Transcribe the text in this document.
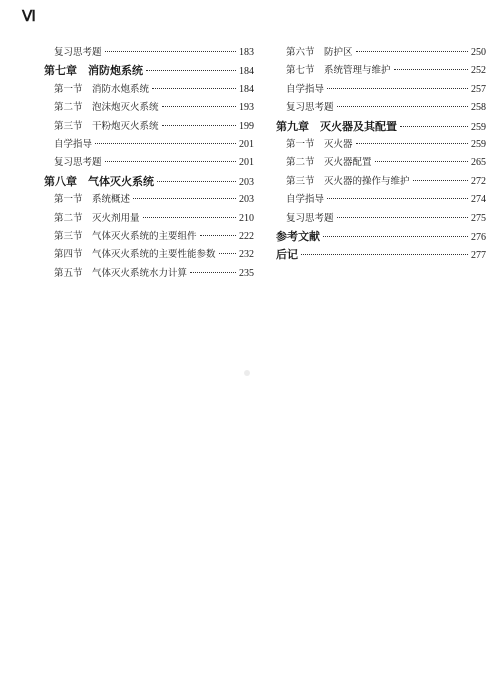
Ⅵ
复习思考题	183
第七章　消防炮系统	184
第一节　消防水炮系统	184
第二节　泡沫炮灭火系统	193
第三节　干粉炮灭火系统	199
自学指导	201
复习思考题	201
第八章　气体灭火系统	203
第一节　系统概述	203
第二节　灭火剂用量	210
第三节　气体灭火系统的主要组件	222
第四节　气体灭火系统的主要性能参数 232
第五节　气体灭火系统水力计算	235
第六节　防护区	250
第七节　系统管理与维护	252
自学指导	257
复习思考题	258
第九章　灭火器及其配置	259
第一节　灭火器	259
第二节　灭火器配置	265
第三节　灭火器的操作与维护	272
自学指导	274
复习思考题	275
参考文献	276
后记	277
